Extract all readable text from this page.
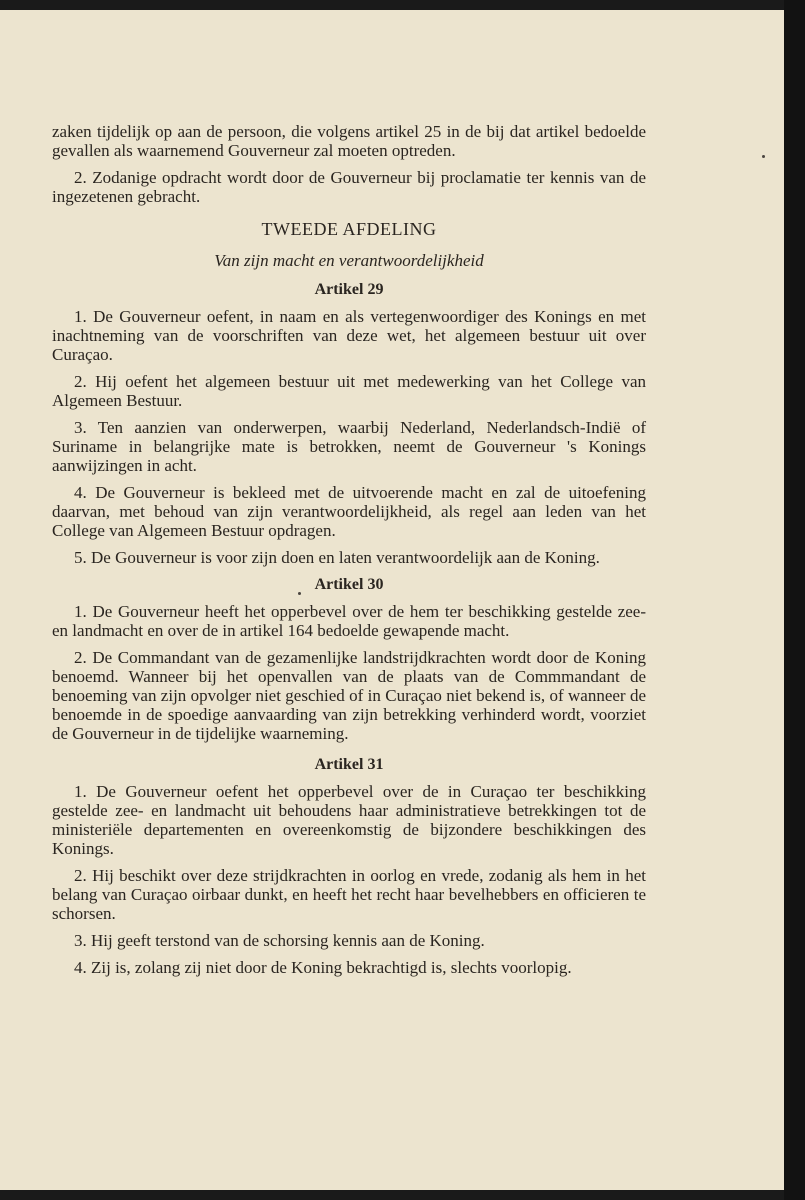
zaken tijdelijk op aan de persoon, die volgens artikel 25 in de bij dat artikel bedoelde gevallen als waarnemend Gouverneur zal moeten optreden.

2. Zodanige opdracht wordt door de Gouverneur bij proclamatie ter kennis van de ingezetenen gebracht.

TWEEDE AFDELING
Van zijn macht en verantwoordelijkheid
Artikel 29

1. De Gouverneur oefent, in naam en als vertegenwoordiger des Konings en met inachtneming van de voorschriften van deze wet, het algemeen bestuur uit over Curaçao.

2. Hij oefent het algemeen bestuur uit met medewerking van het College van Algemeen Bestuur.

3. Ten aanzien van onderwerpen, waarbij Nederland, Nederlandsch-Indië of Suriname in belangrijke mate is betrokken, neemt de Gouverneur 's Konings aanwijzingen in acht.

4. De Gouverneur is bekleed met de uitvoerende macht en zal de uitoefening daarvan, met behoud van zijn verantwoordelijkheid, als regel aan leden van het College van Algemeen Bestuur opdragen.

5. De Gouverneur is voor zijn doen en laten verantwoordelijk aan de Koning.

Artikel 30

1. De Gouverneur heeft het opperbevel over de hem ter beschikking gestelde zee- en landmacht en over de in artikel 164 bedoelde gewapende macht.

2. De Commandant van de gezamenlijke landstrijdkrachten wordt door de Koning benoemd. Wanneer bij het openvallen van de plaats van de Commmandant de benoeming van zijn opvolger niet geschied of in Curaçao niet bekend is, of wanneer de benoemde in de spoedige aanvaarding van zijn betrekking verhinderd wordt, voorziet de Gouverneur in de tijdelijke waarneming.

Artikel 31

1. De Gouverneur oefent het opperbevel over de in Curaçao ter beschikking gestelde zee- en landmacht uit behoudens haar administratieve betrekkingen tot de ministeriële departementen en overeenkomstig de bijzondere beschikkingen des Konings.

2. Hij beschikt over deze strijdkrachten in oorlog en vrede, zodanig als hem in het belang van Curaçao oirbaar dunkt, en heeft het recht haar bevelhebbers en officieren te schorsen.

3. Hij geeft terstond van de schorsing kennis aan de Koning.

4. Zij is, zolang zij niet door de Koning bekrachtigd is, slechts voorlopig.
